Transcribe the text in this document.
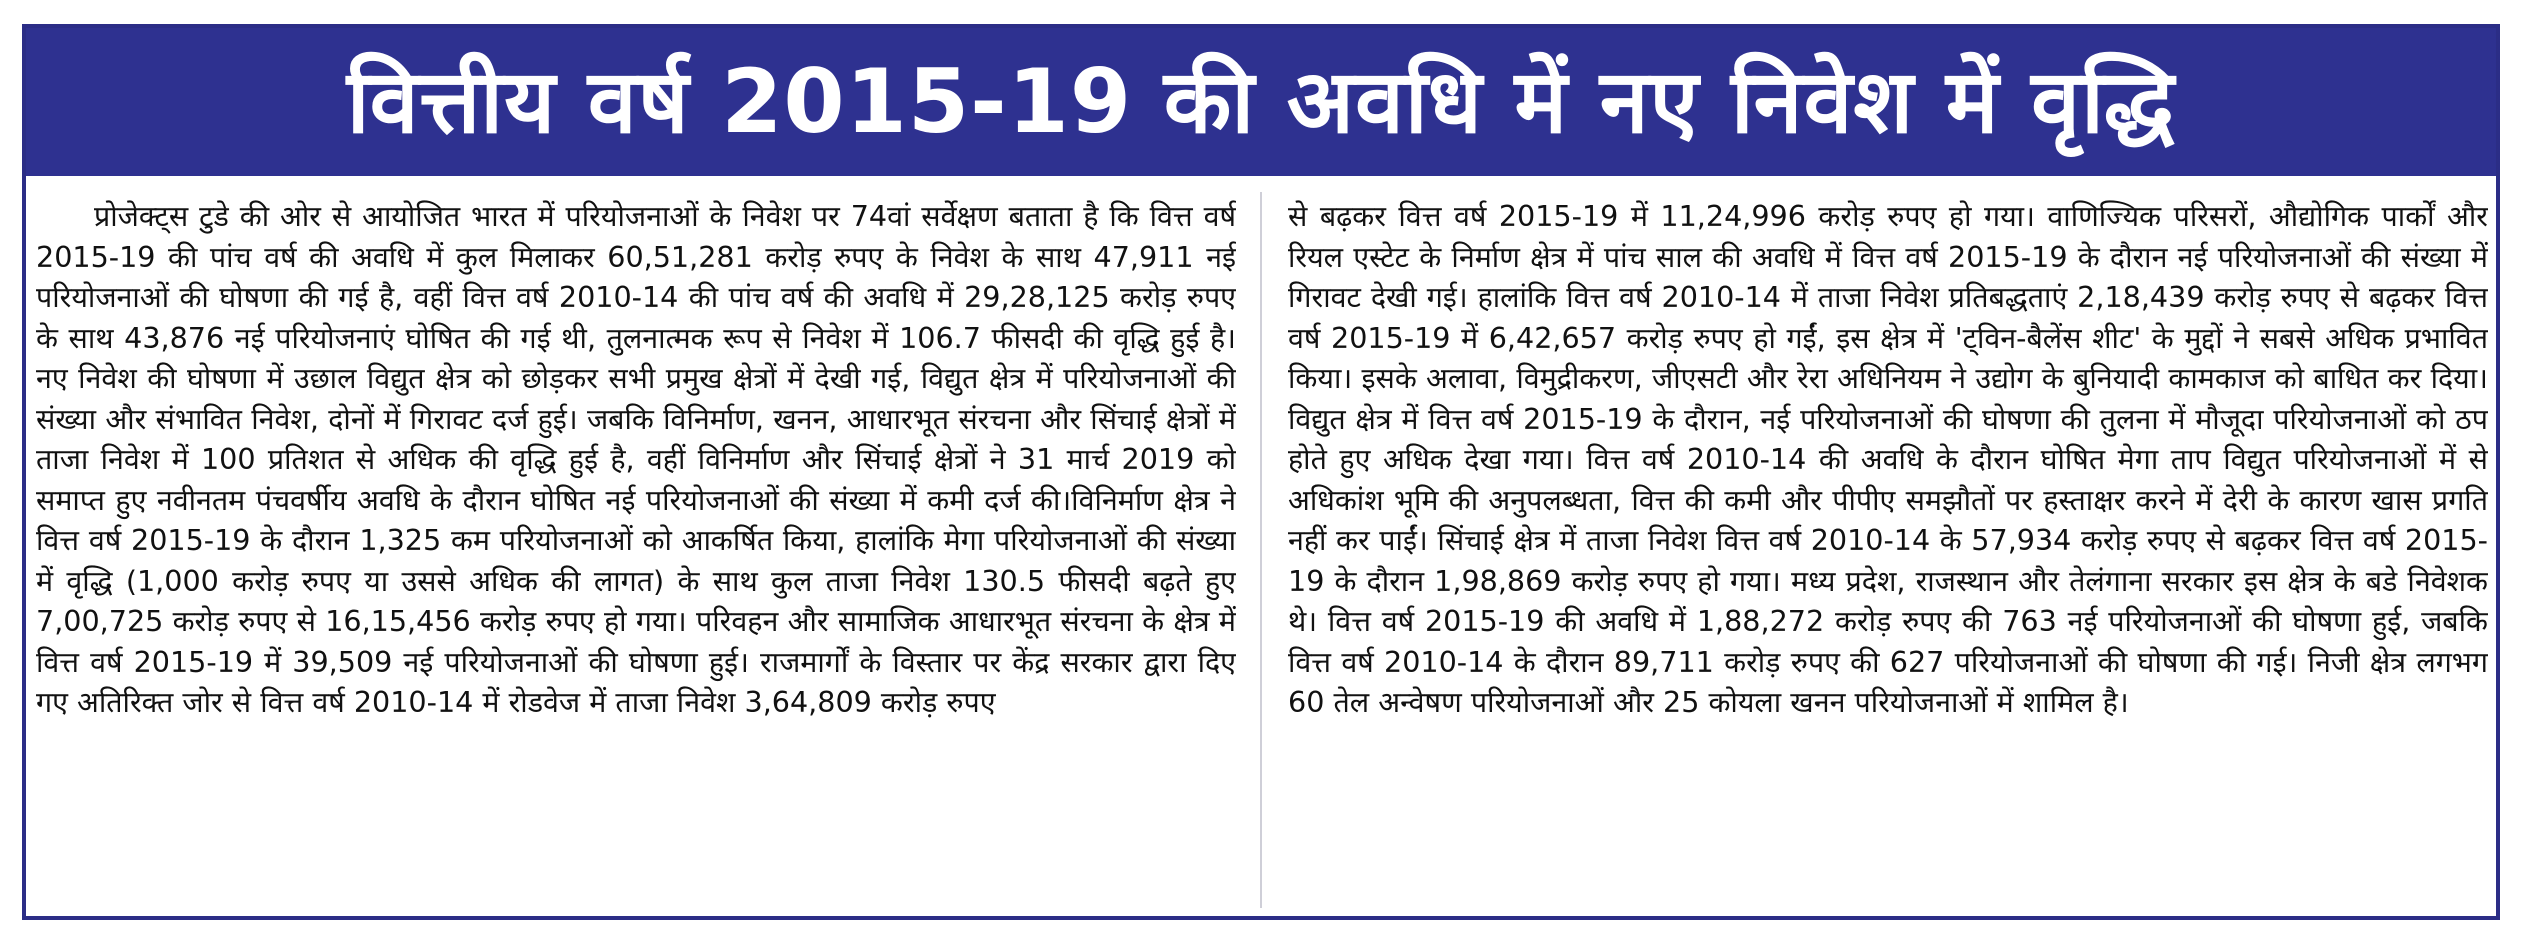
वित्तीय वर्ष 2015-19 की अवधि में नए निवेश में वृद्धि
प्रोजेक्ट्स टुडे की ओर से आयोजित भारत में परियोजनाओं के निवेश पर 74वां सर्वेक्षण बताता है कि वित्त वर्ष 2015-19 की पांच वर्ष की अवधि में कुल मिलाकर 60,51,281 करोड़ रुपए के निवेश के साथ 47,911 नई परियोजनाओं की घोषणा की गई है, वहीं वित्त वर्ष 2010-14 की पांच वर्ष की अवधि में 29,28,125 करोड़ रुपए के साथ 43,876 नई परियोजनाएं घोषित की गई थी, तुलनात्मक रूप से निवेश में 106.7 फीसदी की वृद्धि हुई है। नए निवेश की घोषणा में उछाल विद्युत क्षेत्र को छोड़कर सभी प्रमुख क्षेत्रों में देखी गई, विद्युत क्षेत्र में परियोजनाओं की संख्या और संभावित निवेश, दोनों में गिरावट दर्ज हुई। जबकि विनिर्माण, खनन, आधारभूत संरचना और सिंचाई क्षेत्रों में ताजा निवेश में 100 प्रतिशत से अधिक की वृद्धि हुई है, वहीं विनिर्माण और सिंचाई क्षेत्रों ने 31 मार्च 2019 को समाप्त हुए नवीनतम पंचवर्षीय अवधि के दौरान घोषित नई परियोजनाओं की संख्या में कमी दर्ज की।विनिर्माण क्षेत्र ने वित्त वर्ष 2015-19 के दौरान 1,325 कम परियोजनाओं को आकर्षित किया, हालांकि मेगा परियोजनाओं की संख्या में वृद्धि (1,000 करोड़ रुपए या उससे अधिक की लागत) के साथ कुल ताजा निवेश 130.5 फीसदी बढ़ते हुए 7,00,725 करोड़ रुपए से 16,15,456 करोड़ रुपए हो गया। परिवहन और सामाजिक आधारभूत संरचना के क्षेत्र में वित्त वर्ष 2015-19 में 39,509 नई परियोजनाओं की घोषणा हुई। राजमार्गों के विस्तार पर केंद्र सरकार द्वारा दिए गए अतिरिक्त जोर से वित्त वर्ष 2010-14 में रोडवेज में ताजा निवेश 3,64,809 करोड़ रुपए
से बढ़कर वित्त वर्ष 2015-19 में 11,24,996 करोड़ रुपए हो गया। वाणिज्यिक परिसरों, औद्योगिक पार्कों और रियल एस्टेट के निर्माण क्षेत्र में पांच साल की अवधि में वित्त वर्ष 2015-19 के दौरान नई परियोजनाओं की संख्या में गिरावट देखी गई। हालांकि वित्त वर्ष 2010-14 में ताजा निवेश प्रतिबद्धताएं 2,18,439 करोड़ रुपए से बढ़कर वित्त वर्ष 2015-19 में 6,42,657 करोड़ रुपए हो गईं, इस क्षेत्र में 'ट्विन-बैलेंस शीट' के मुद्दों ने सबसे अधिक प्रभावित किया। इसके अलावा, विमुद्रीकरण, जीएसटी और रेरा अधिनियम ने उद्योग के बुनियादी कामकाज को बाधित कर दिया। विद्युत क्षेत्र में वित्त वर्ष 2015-19 के दौरान, नई परियोजनाओं की घोषणा की तुलना में मौजूदा परियोजनाओं को ठप होते हुए अधिक देखा गया। वित्त वर्ष 2010-14 की अवधि के दौरान घोषित मेगा ताप विद्युत परियोजनाओं में से अधिकांश भूमि की अनुपलब्धता, वित्त की कमी और पीपीए समझौतों पर हस्ताक्षर करने में देरी के कारण खास प्रगति नहीं कर पाईं। सिंचाई क्षेत्र में ताजा निवेश वित्त वर्ष 2010-14 के 57,934 करोड़ रुपए से बढ़कर वित्त वर्ष 2015-19 के दौरान 1,98,869 करोड़ रुपए हो गया। मध्य प्रदेश, राजस्थान और तेलंगाना सरकार इस क्षेत्र के बडे निवेशक थे। वित्त वर्ष 2015-19 की अवधि में 1,88,272 करोड़ रुपए की 763 नई परियोजनाओं की घोषणा हुई, जबकि वित्त वर्ष 2010-14 के दौरान 89,711 करोड़ रुपए की 627 परियोजनाओं की घोषणा की गई। निजी क्षेत्र लगभग 60 तेल अन्वेषण परियोजनाओं और 25 कोयला खनन परियोजनाओं में शामिल है।
